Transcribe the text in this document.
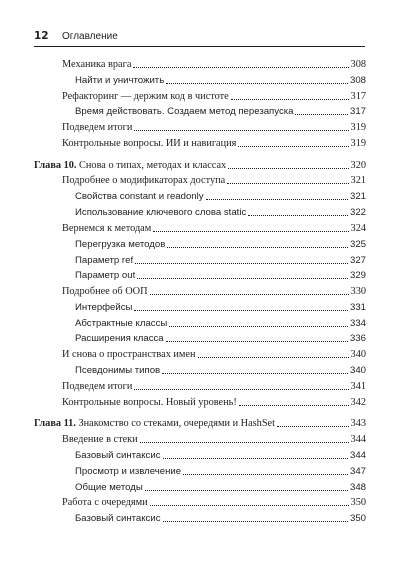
12	Оглавление
Механика врага	308
Найти и уничтожить	308
Рефакторинг — держим код в чистоте	317
Время действовать. Создаем метод перезапуска	317
Подведем итоги	319
Контрольные вопросы. ИИ и навигация	319
Глава 10. Снова о типах, методах и классах	320
Подробнее о модификаторах доступа	321
Свойства constant и readonly	321
Использование ключевого слова static	322
Вернемся к методам	324
Перегрузка методов	325
Параметр ref	327
Параметр out	329
Подробнее об ООП	330
Интерфейсы	331
Абстрактные классы	334
Расширения класса	336
И снова о пространствах имен	340
Псевдонимы типов	340
Подведем итоги	341
Контрольные вопросы. Новый уровень!	342
Глава 11. Знакомство со стеками, очередями и HashSet	343
Введение в стеки	344
Базовый синтаксис	344
Просмотр и извлечение	347
Общие методы	348
Работа с очередями	350
Базовый синтаксис	350
